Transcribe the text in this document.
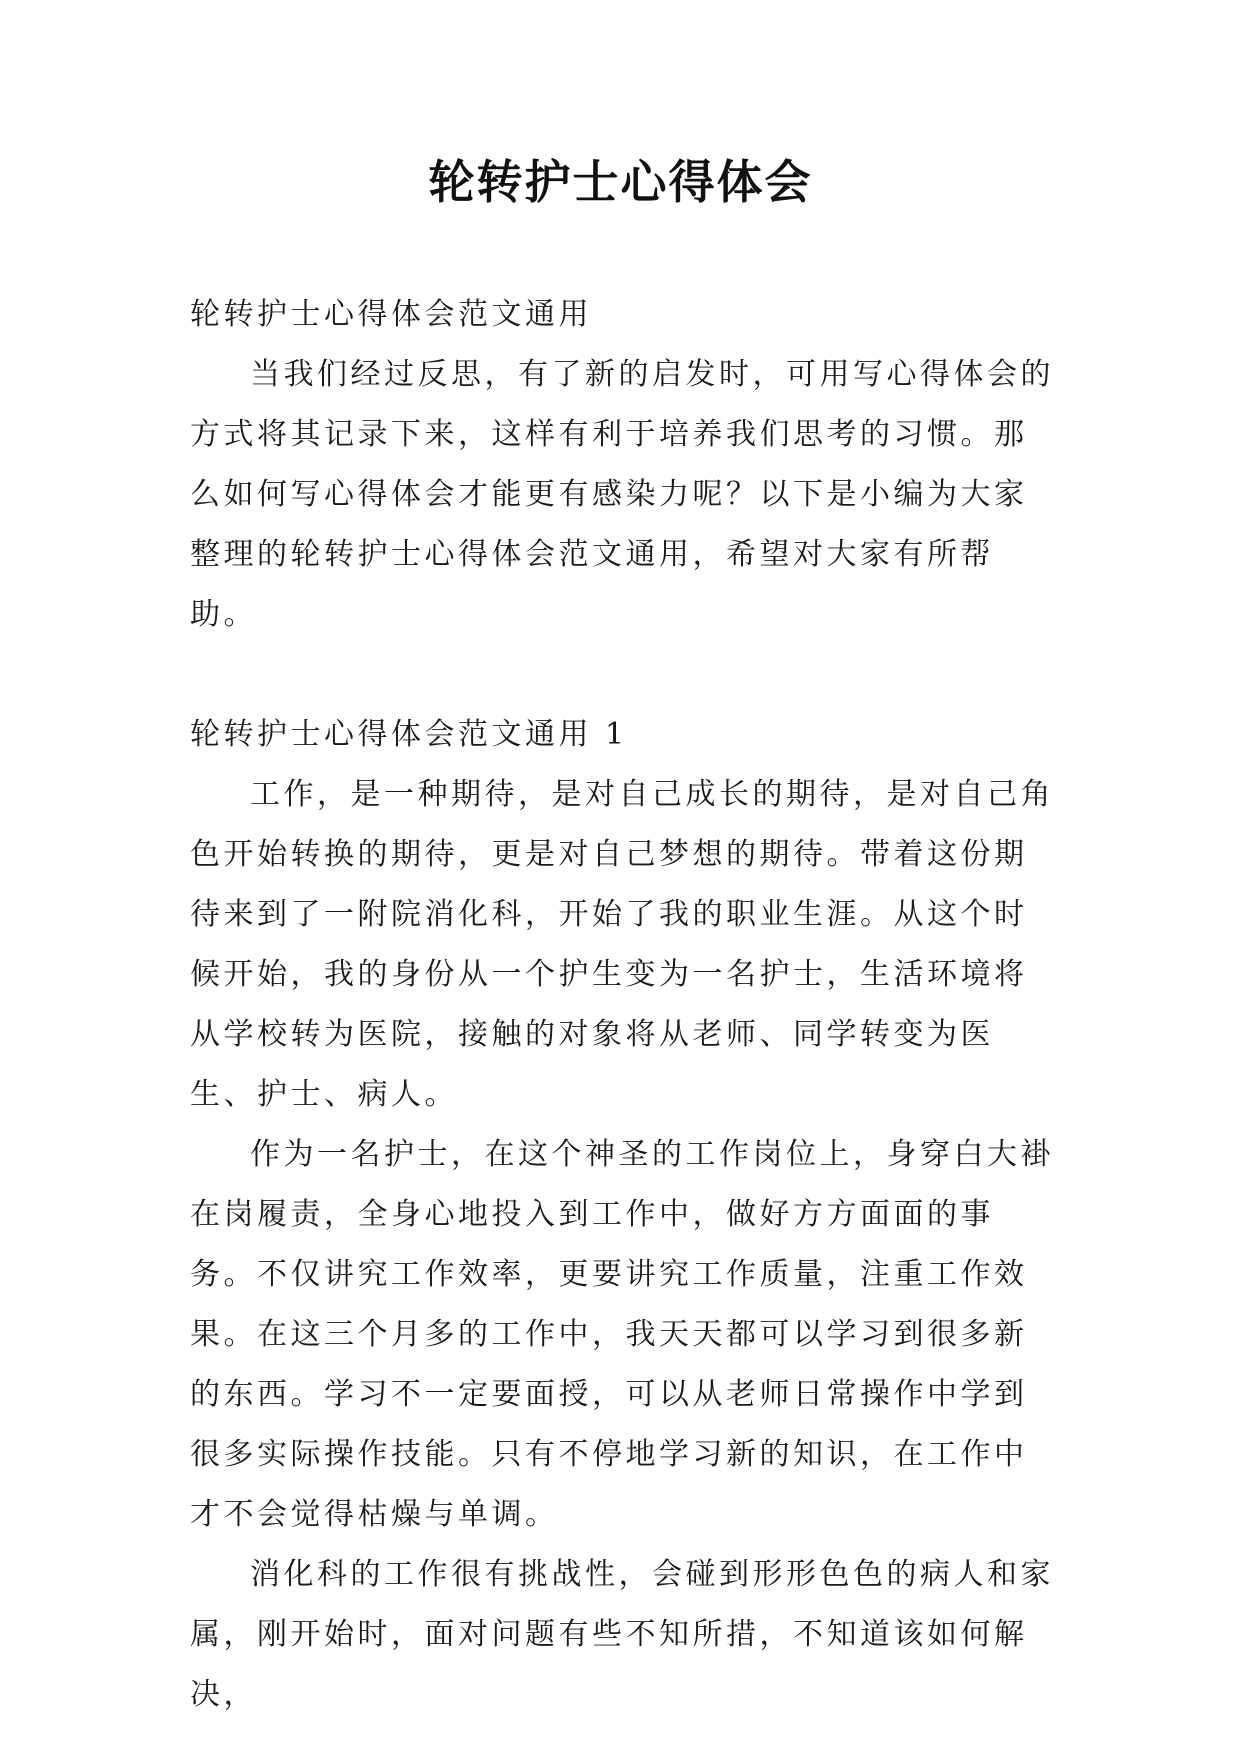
轮转护士心得体会

轮转护士心得体会范文通用

当我们经过反思，有了新的启发时，可用写心得体会的方式将其记录下来，这样有利于培养我们思考的习惯。那么如何写心得体会才能更有感染力呢？以下是小编为大家整理的轮转护士心得体会范文通用，希望对大家有所帮助。

轮转护士心得体会范文通用 1

工作，是一种期待，是对自己成长的期待，是对自己角色开始转换的期待，更是对自己梦想的期待。带着这份期待来到了一附院消化科，开始了我的职业生涯。从这个时候开始，我的身份从一个护生变为一名护士，生活环境将从学校转为医院，接触的对象将从老师、同学转变为医生、护士、病人。

作为一名护士，在这个神圣的工作岗位上，身穿白大褂在岗履责，全身心地投入到工作中，做好方方面面的事务。不仅讲究工作效率，更要讲究工作质量，注重工作效果。在这三个月多的工作中，我天天都可以学习到很多新的东西。学习不一定要面授，可以从老师日常操作中学到很多实际操作技能。只有不停地学习新的知识，在工作中才不会觉得枯燥与单调。

消化科的工作很有挑战性，会碰到形形色色的病人和家属，刚开始时，面对问题有些不知所措，不知道该如何解决，
